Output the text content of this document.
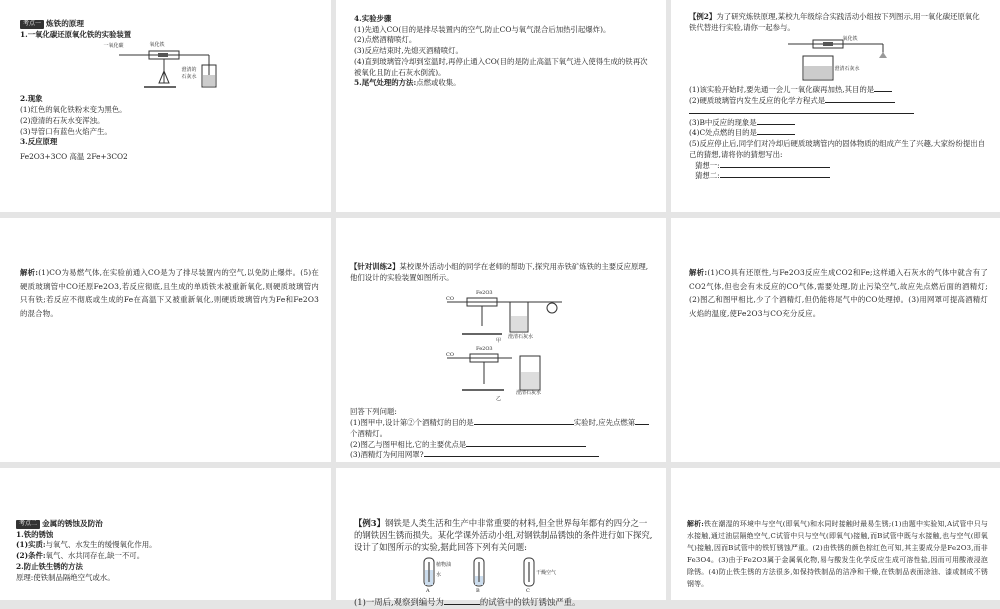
考点一 炼铁的原理

1.一氧化碳还原氧化铁的实验装置

一氧化碳	氧化铁
澄清的
石灰水

2.现象

(1)红色的氧化铁粉末变为黑色。

(2)澄清的石灰水变浑浊。

(3)导管口有蓝色火焰产生。

3.反应原理

Fe2O3+3CO 高温 2Fe+3CO2

4.实验步骤

(1)先通入CO(目的是排尽装置内的空气,防止CO与氧气混合后加热引起爆炸)。

(2)点燃酒精喷灯。

(3)反应结束时,先熄灭酒精喷灯。

(4)直到玻璃管冷却到室温时,再停止通入CO(目的是防止高温下氧气进入使得生成的铁再次被氧化且防止石灰水倒流)。

5.尾气处理的方法:点燃或收集。

【例2】为了研究炼铁原理,某校九年级综合实践活动小组按下列图示,用一氧化碳还原氧化铁代替进行实验,请你一起参与。

氧化铁
澄清石灰水

(1)该实验开始时,要先通一会儿一氧化碳再加热,其目的是

(2)硬质玻璃管内发生反应的化学方程式是

(3)B中反应的现象是

(4)C处点燃的目的是

(5)反应停止后,同学们对冷却后硬质玻璃管内的固体物质的组成产生了兴趣,大家纷纷提出自己的猜想,请将你的猜想写出:

猜想一:

猜想二:

解析:(1)CO为易燃气体,在实验前通入CO是为了排尽装置内的空气,以免防止爆炸。(5)在硬质玻璃管中CO还原Fe2O3,若反应彻底,且生成的单质铁未被重新氧化,则硬质玻璃管内只有铁;若反应不彻底或生成的Fe在高温下又被重新氧化,则硬质玻璃管内为Fe和Fe2O3的混合物。

【针对训练2】某校课外活动小组的同学在老师的帮助下,探究用赤铁矿炼铁的主要反应原理,他们设计的实验装置如图所示。

Fe2O3
CO
澄清石灰水
甲
乙
澄清石灰水
Fe2O3
CO

回答下列问题:

(1)图甲中,设计第②个酒精灯的目的是	实验时,应先点燃第个酒精灯。

(2)图乙与图甲相比,它的主要优点是

(3)酒精灯为何用网罩?

解析:(1)CO具有还原性,与Fe2O3反应生成CO2和Fe;这样通入石灰水的气体中就含有了CO2气体,但也会有未反应的CO气体,需要处理,防止污染空气,故应先点燃后面的酒精灯;(2)图乙和图甲相比,少了个酒精灯,但仍能将尾气中的CO处理掉。(3)用网罩可提高酒精灯火焰的温度,使Fe2O3与CO充分反应。

考点二 金属的锈蚀及防治

1.铁的锈蚀

(1)实质:与氧气、水发生的缓慢氧化作用。

(2)条件:氧气、水共同存在,缺一不可。

2.防止铁生锈的方法

原理:使铁制品隔绝空气或水。

【例3】钢铁是人类生活和生产中非常重要的材料,但全世界每年都有约四分之一的钢铁因生锈而损失。某化学课外活动小组,对钢铁制品锈蚀的条件进行如下探究,设计了如图所示的实验,据此回答下列有关问题:

A	B	C
水
植物油
干燥空气

(1)一周后,观察到编号为	的试管中的铁钉锈蚀严重。

解析:铁在潮湿的环境中与空气(即氧气)和水同时接触时最易生锈;(1)由题中实验知,A试管中只与水接触,通过油层隔绝空气,C试管中只与空气(即氧气)接触,而B试管中既与水接触,也与空气(即氧气)接触,因而B试管中的铁钉锈蚀严重。(2)由铁锈的颜色棕红色可知,其主要成分是Fe2O3,而非Fe3O4。(3)由于Fe2O3属于金属氧化物,易与酸发生化学反应生成可溶性盐,因而可用酸液浸泡除锈。(4)防止铁生锈的方法很多,如保持铁制品的洁净和干燥,在铁制品表面涂油、漆或制成不锈钢等。
